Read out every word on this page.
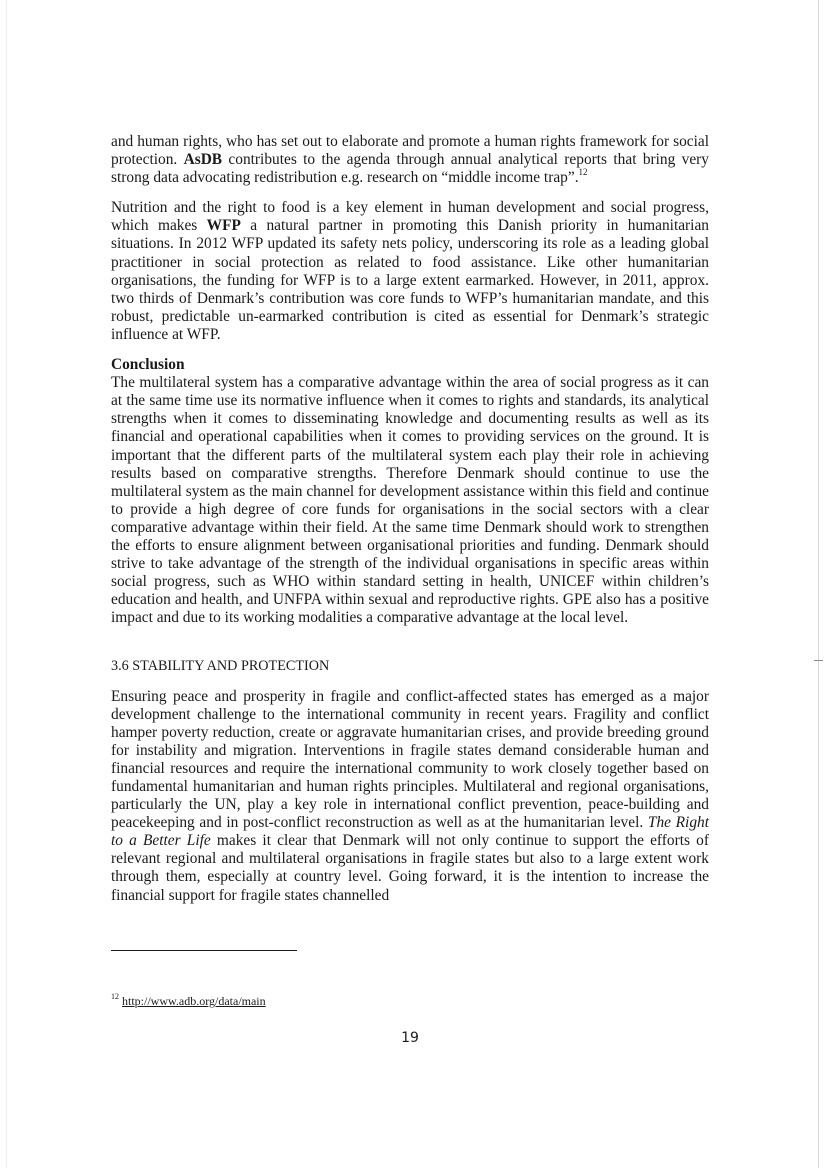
and human rights, who has set out to elaborate and promote a human rights framework for social protection. AsDB contributes to the agenda through annual analytical reports that bring very strong data advocating redistribution e.g. research on “middle income trap”.$^{12}$

Nutrition and the right to food is a key element in human development and social progress, which makes WFP a natural partner in promoting this Danish priority in humanitarian situations. In 2012 WFP updated its safety nets policy, underscoring its role as a leading global practitioner in social protection as related to food assistance. Like other humanitarian organisations, the funding for WFP is to a large extent earmarked. However, in 2011, approx. two thirds of Denmark’s contribution was core funds to WFP’s humanitarian mandate, and this robust, predictable un-earmarked contribution is cited as essential for Denmark’s strategic influence at WFP.

Conclusion

The multilateral system has a comparative advantage within the area of social progress as it can at the same time use its normative influence when it comes to rights and standards, its analytical strengths when it comes to disseminating knowledge and documenting results as well as its financial and operational capabilities when it comes to providing services on the ground. It is important that the different parts of the multilateral system each play their role in achieving results based on comparative strengths. Therefore Denmark should continue to use the multilateral system as the main channel for development assistance within this field and continue to provide a high degree of core funds for organisations in the social sectors with a clear comparative advantage within their field. At the same time Denmark should work to strengthen the efforts to ensure alignment between organisational priorities and funding. Denmark should strive to take advantage of the strength of the individual organisations in specific areas within social progress, such as WHO within standard setting in health, UNICEF within children’s education and health, and UNFPA within sexual and reproductive rights. GPE also has a positive impact and due to its working modalities a comparative advantage at the local level.

3.6 STABILITY AND PROTECTION

Ensuring peace and prosperity in fragile and conflict-affected states has emerged as a major development challenge to the international community in recent years. Fragility and conflict hamper poverty reduction, create or aggravate humanitarian crises, and provide breeding ground for instability and migration. Interventions in fragile states demand considerable human and financial resources and require the international community to work closely together based on fundamental humanitarian and human rights principles. Multilateral and regional organisations, particularly the UN, play a key role in international conflict prevention, peace-building and peacekeeping and in post-conflict reconstruction as well as at the humanitarian level. The Right to a Better Life makes it clear that Denmark will not only continue to support the efforts of relevant regional and multilateral organisations in fragile states but also to a large extent work through them, especially at country level. Going forward, it is the intention to increase the financial support for fragile states channelled

$^{12}$ http://www.adb.org/data/main
19
